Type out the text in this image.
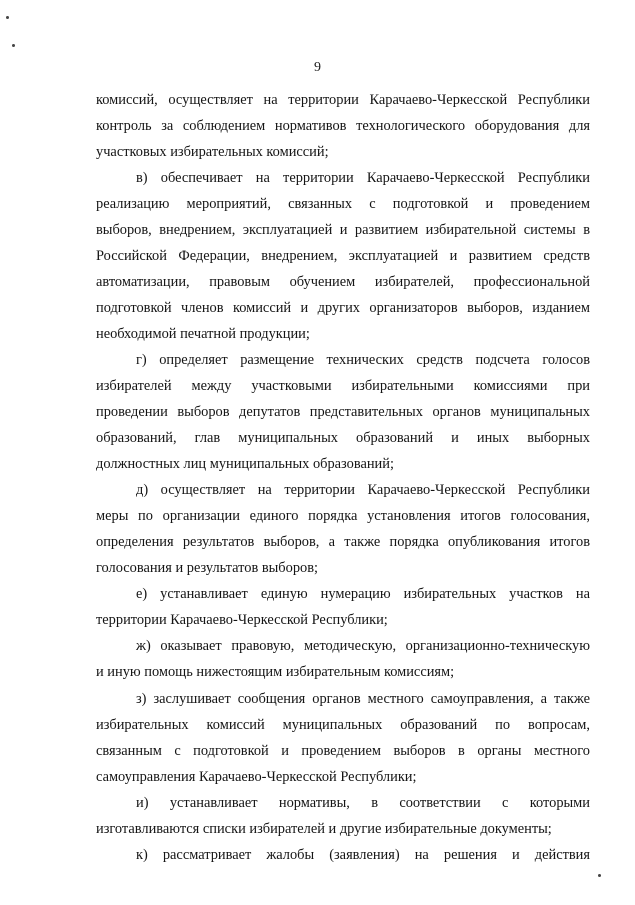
9
комиссий, осуществляет на территории Карачаево-Черкесской Республики
контроль за соблюдением нормативов технологического оборудования для
участковых избирательных комиссий;
в) обеспечивает на территории Карачаево-Черкесской Республики
реализацию мероприятий, связанных с подготовкой и проведением
выборов, внедрением, эксплуатацией и развитием избирательной системы в
Российской Федерации, внедрением, эксплуатацией и развитием средств
автоматизации, правовым обучением избирателей, профессиональной
подготовкой членов комиссий и других организаторов выборов, изданием
необходимой печатной продукции;
г) определяет размещение технических средств подсчета голосов
избирателей между участковыми избирательными комиссиями при
проведении выборов депутатов представительных органов муниципальных
образований, глав муниципальных образований и иных выборных
должностных лиц муниципальных образований;
д) осуществляет на территории Карачаево-Черкесской Республики
меры по организации единого порядка установления итогов голосования,
определения результатов выборов, а также порядка опубликования итогов
голосования и результатов выборов;
е) устанавливает единую нумерацию избирательных участков на
территории Карачаево-Черкесской Республики;
ж) оказывает правовую, методическую, организационно-техническую
и иную помощь нижестоящим избирательным комиссиям;
з) заслушивает сообщения органов местного самоуправления, а также
избирательных комиссий муниципальных образований по вопросам,
связанным с подготовкой и проведением выборов в органы местного
самоуправления Карачаево-Черкесской Республики;
и) устанавливает нормативы, в соответствии с которыми
изготавливаются списки избирателей и другие избирательные документы;
к) рассматривает жалобы (заявления) на решения и действия
